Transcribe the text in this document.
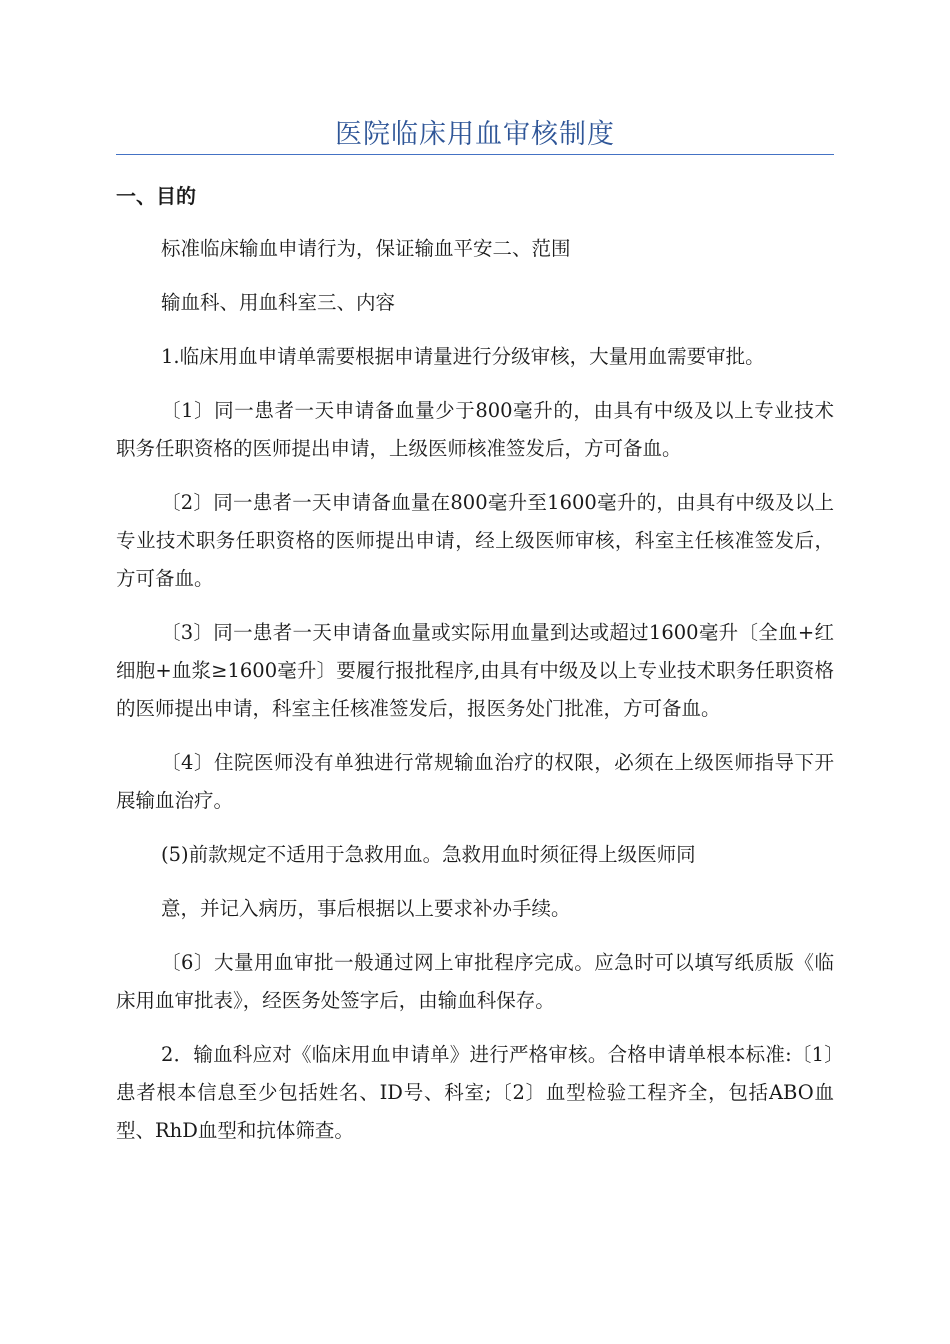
医院临床用血审核制度
一、目的

标准临床输血申请行为，保证输血平安二、范围

输血科、用血科室三、内容

1.临床用血申请单需要根据申请量进行分级审核，大量用血需要审批。

〔1〕同一患者一天申请备血量少于800毫升的，由具有中级及以上专业技术职务任职资格的医师提出申请，上级医师核准签发后，方可备血。

〔2〕同一患者一天申请备血量在800毫升至1600毫升的，由具有中级及以上专业技术职务任职资格的医师提出申请，经上级医师审核，科室主任核准签发后，方可备血。

〔3〕同一患者一天申请备血量或实际用血量到达或超过1600毫升〔全血+红细胞+血浆≥1600毫升〕要履行报批程序,由具有中级及以上专业技术职务任职资格的医师提出申请，科室主任核准签发后，报医务处门批准，方可备血。

〔4〕住院医师没有单独进行常规输血治疗的权限，必须在上级医师指导下开展输血治疗。

(5)前款规定不适用于急救用血。急救用血时须征得上级医师同

意，并记入病历，事后根据以上要求补办手续。

〔6〕大量用血审批一般通过网上审批程序完成。应急时可以填写纸质版《临床用血审批表》，经医务处签字后，由输血科保存。

2．输血科应对《临床用血申请单》进行严格审核。合格申请单根本标准:〔1〕患者根本信息至少包括姓名、ID号、科室;〔2〕血型检验工程齐全，包括ABO血型、RhD血型和抗体筛查。
